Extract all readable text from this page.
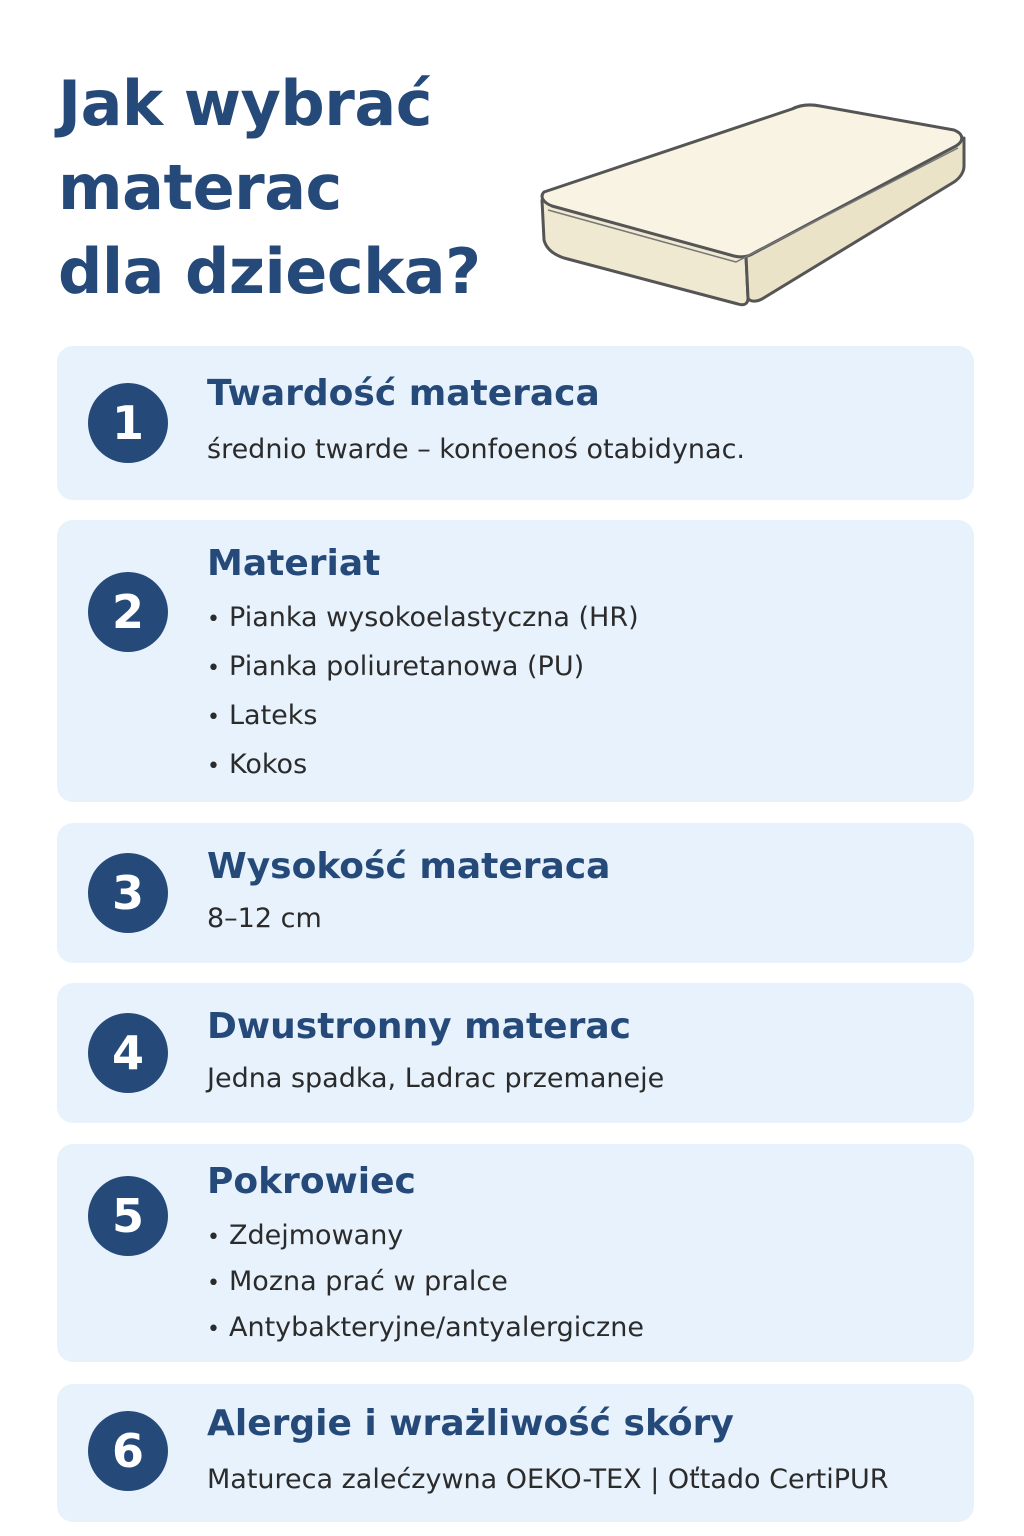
Jak wybrać
materac
dla dziecka?
1
Twardość materaca

średnio twarde – konfoenoś otabidynac.

2
Materiat
• Pianka wysokoelastyczna (HR)
• Pianka poliuretanowa (PU)
• Lateks
• Kokos
3	Wysokość materaca

8–12 cm

4	Dwustronny materac

Jedna spadka, Ladrac przemaneje

5
Pokrowiec
• Zdejmowany
• Mozna prać w pralce
• Antybakteryjne/antyalergiczne
6
Alergie i wrażliwość skóry

Matureca zalećzywna OEKO-TEX | Oťtado CertiPUR
